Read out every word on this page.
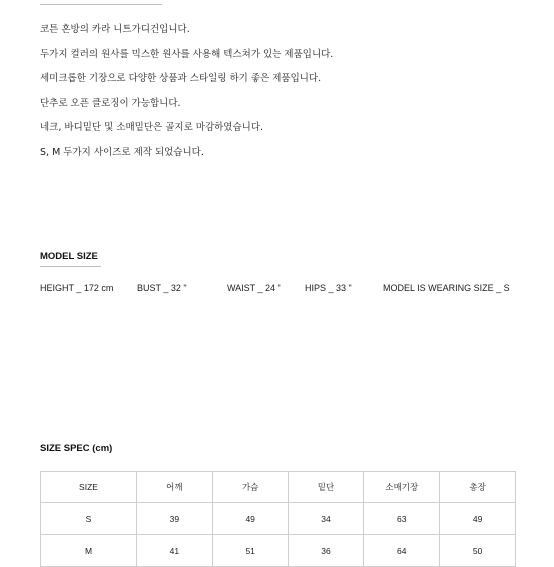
코튼 혼방의 카라 니트가디건입니다.
두가지 컬러의 원사를 믹스한 원사를 사용해 텍스쳐가 있는 제품입니다.
세미크롭한 기장으로 다양한 상품과 스타일링 하기 좋은 제품입니다.
단추로 오픈 클로징이 가능합니다.
네크, 바디밑단 및 소매밑단은 골지로 마감하였습니다.
S, M 두가지 사이즈로 제작 되었습니다.
MODEL SIZE
HEIGHT _ 172 cm	BUST _ 32 "	WAIST _ 24 "	HIPS _ 33 "	MODEL IS WEARING SIZE _ S
SIZE SPEC (cm)
SIZE	어깨	가슴	밑단	소매기장	총장
S	39	49	34	63	49
M	41	51	36	64	50
